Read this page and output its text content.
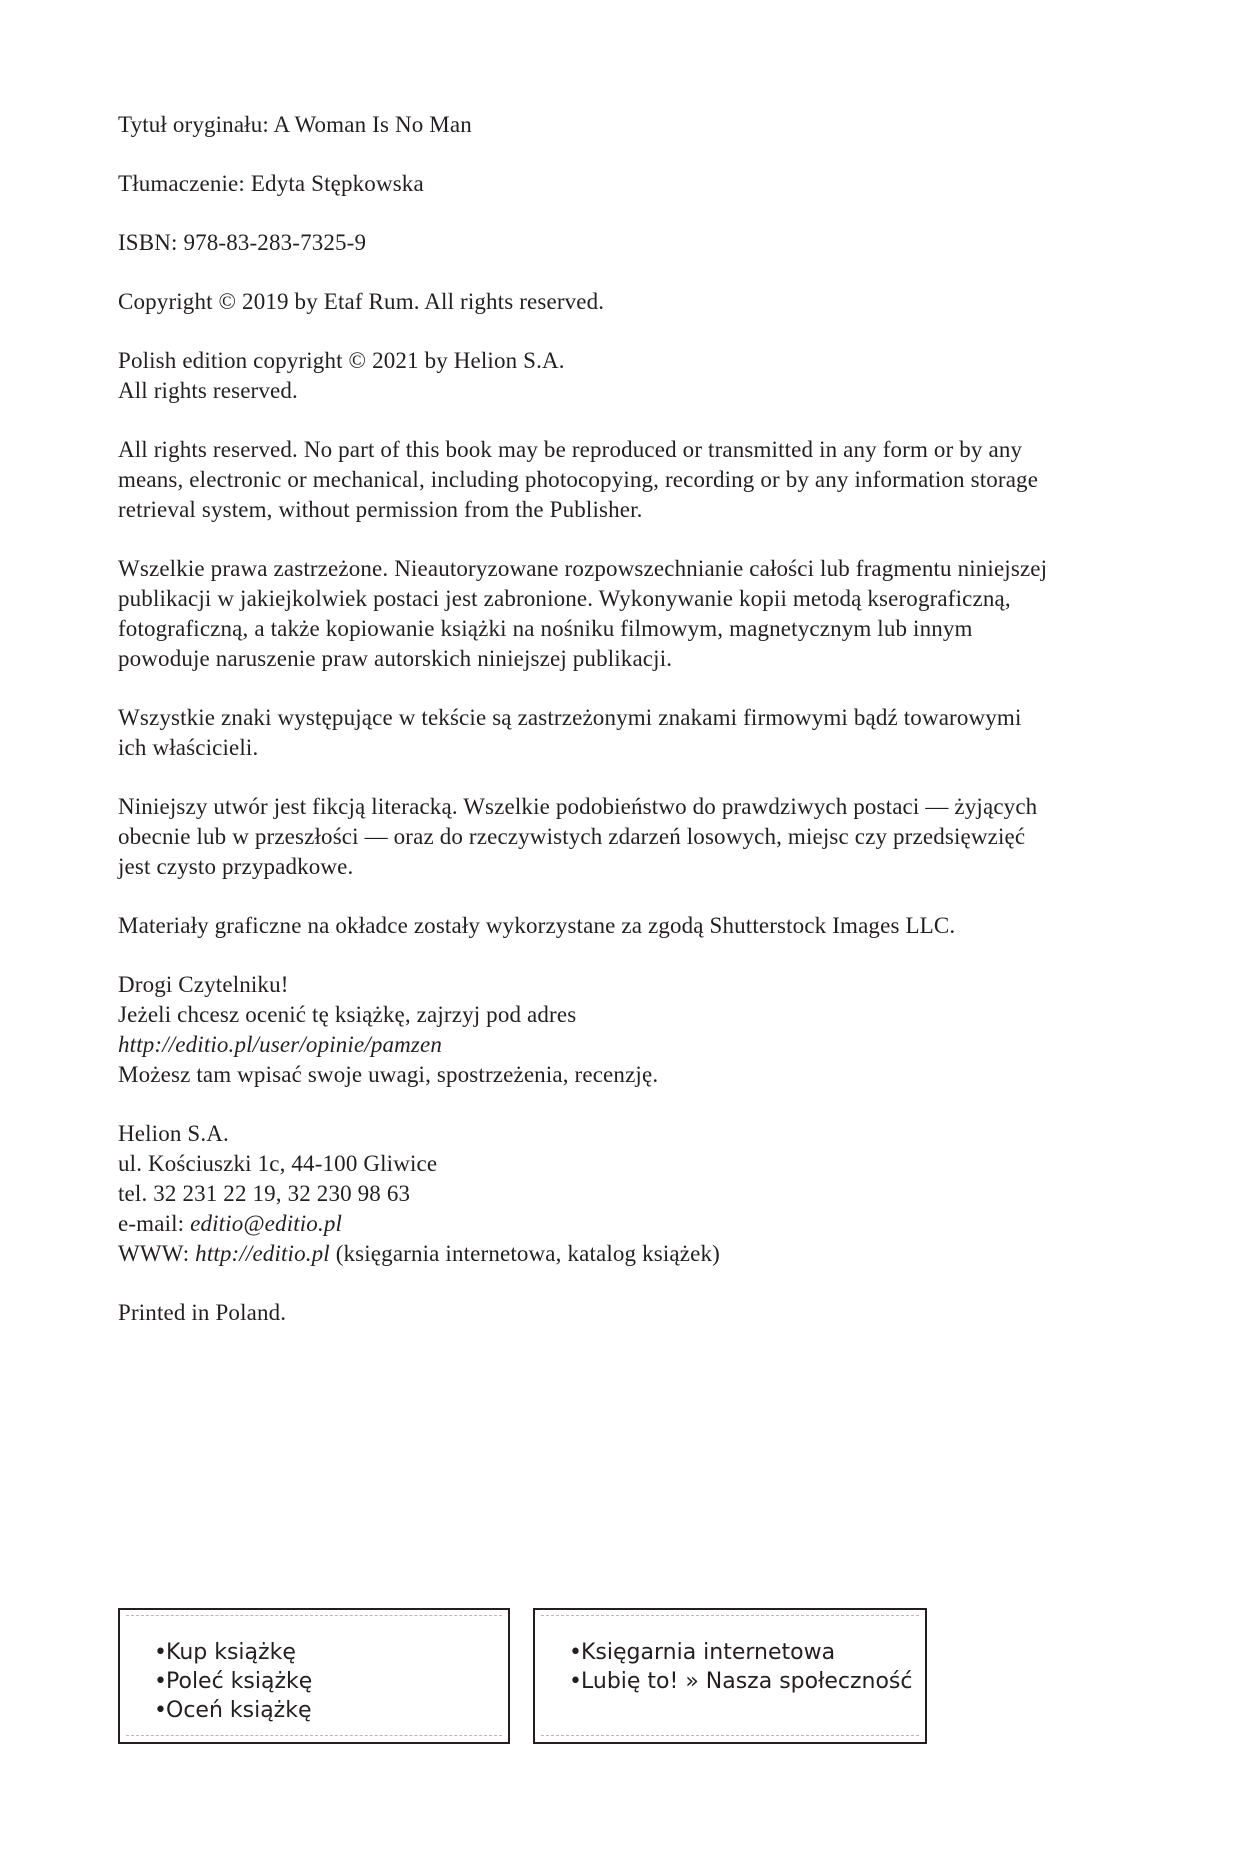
Tytuł oryginału: A Woman Is No Man

Tłumaczenie: Edyta Stępkowska

ISBN: 978-83-283-7325-9

Copyright © 2019 by Etaf Rum. All rights reserved.

Polish edition copyright © 2021 by Helion S.A.
All rights reserved.

All rights reserved. No part of this book may be reproduced or transmitted in any form or by any
means, electronic or mechanical, including photocopying, recording or by any information storage
retrieval system, without permission from the Publisher.

Wszelkie prawa zastrzeżone. Nieautoryzowane rozpowszechnianie całości lub fragmentu niniejszej
publikacji w jakiejkolwiek postaci jest zabronione. Wykonywanie kopii metodą kserograficzną,
fotograficzną, a także kopiowanie książki na nośniku filmowym, magnetycznym lub innym
powoduje naruszenie praw autorskich niniejszej publikacji.

Wszystkie znaki występujące w tekście są zastrzeżonymi znakami firmowymi bądź towarowymi
ich właścicieli.

Niniejszy utwór jest fikcją literacką. Wszelkie podobieństwo do prawdziwych postaci — żyjących
obecnie lub w przeszłości — oraz do rzeczywistych zdarzeń losowych, miejsc czy przedsięwzięć
jest czysto przypadkowe.

Materiały graficzne na okładce zostały wykorzystane za zgodą Shutterstock Images LLC.

Drogi Czytelniku!
Jeżeli chcesz ocenić tę książkę, zajrzyj pod adres
http://editio.pl/user/opinie/pamzen
Możesz tam wpisać swoje uwagi, spostrzeżenia, recenzję.

Helion S.A.
ul. Kościuszki 1c, 44-100 Gliwice
tel. 32 231 22 19, 32 230 98 63
e-mail: editio@editio.pl
WWW: http://editio.pl (księgarnia internetowa, katalog książek)

Printed in Poland.

•Kup książkę
•Poleć książkę
•Oceń książkę
•Księgarnia internetowa
•Lubię to! » Nasza społeczność
